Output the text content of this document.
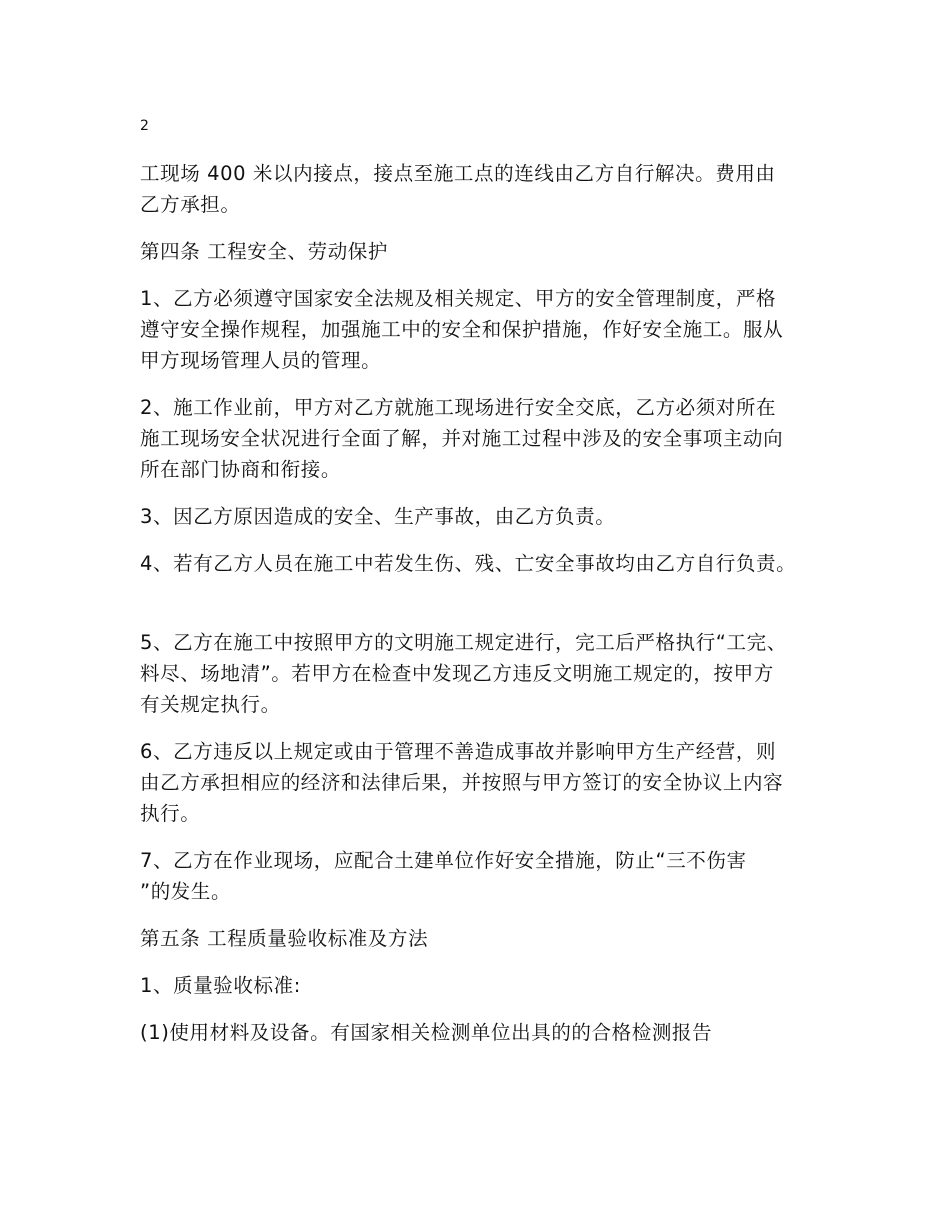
2

工现场 400 米以内接点，接点至施工点的连线由乙方自行解决。费用由
乙方承担。

第四条 工程安全、劳动保护

1、乙方必须遵守国家安全法规及相关规定、甲方的安全管理制度，严格
遵守安全操作规程，加强施工中的安全和保护措施，作好安全施工。服从
甲方现场管理人员的管理。

2、施工作业前，甲方对乙方就施工现场进行安全交底，乙方必须对所在
施工现场安全状况进行全面了解，并对施工过程中涉及的安全事项主动向
所在部门协商和衔接。

3、因乙方原因造成的安全、生产事故，由乙方负责。

4、若有乙方人员在施工中若发生伤、残、亡安全事故均由乙方自行负责。

5、乙方在施工中按照甲方的文明施工规定进行，完工后严格执行“工完、
料尽、场地清”。若甲方在检查中发现乙方违反文明施工规定的，按甲方
有关规定执行。

6、乙方违反以上规定或由于管理不善造成事故并影响甲方生产经营，则
由乙方承担相应的经济和法律后果，并按照与甲方签订的安全协议上内容
执行。

7、乙方在作业现场，应配合土建单位作好安全措施，防止“三不伤害
”的发生。

第五条 工程质量验收标准及方法

1、质量验收标准:

(1)使用材料及设备。有国家相关检测单位出具的的合格检测报告
